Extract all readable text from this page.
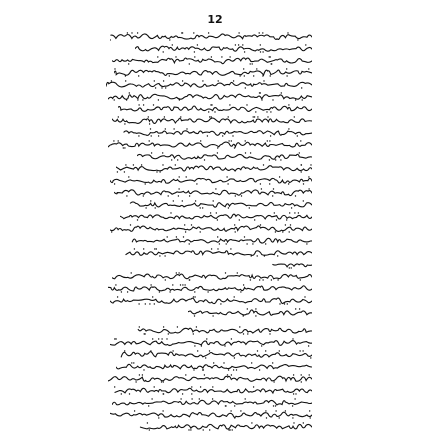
12
